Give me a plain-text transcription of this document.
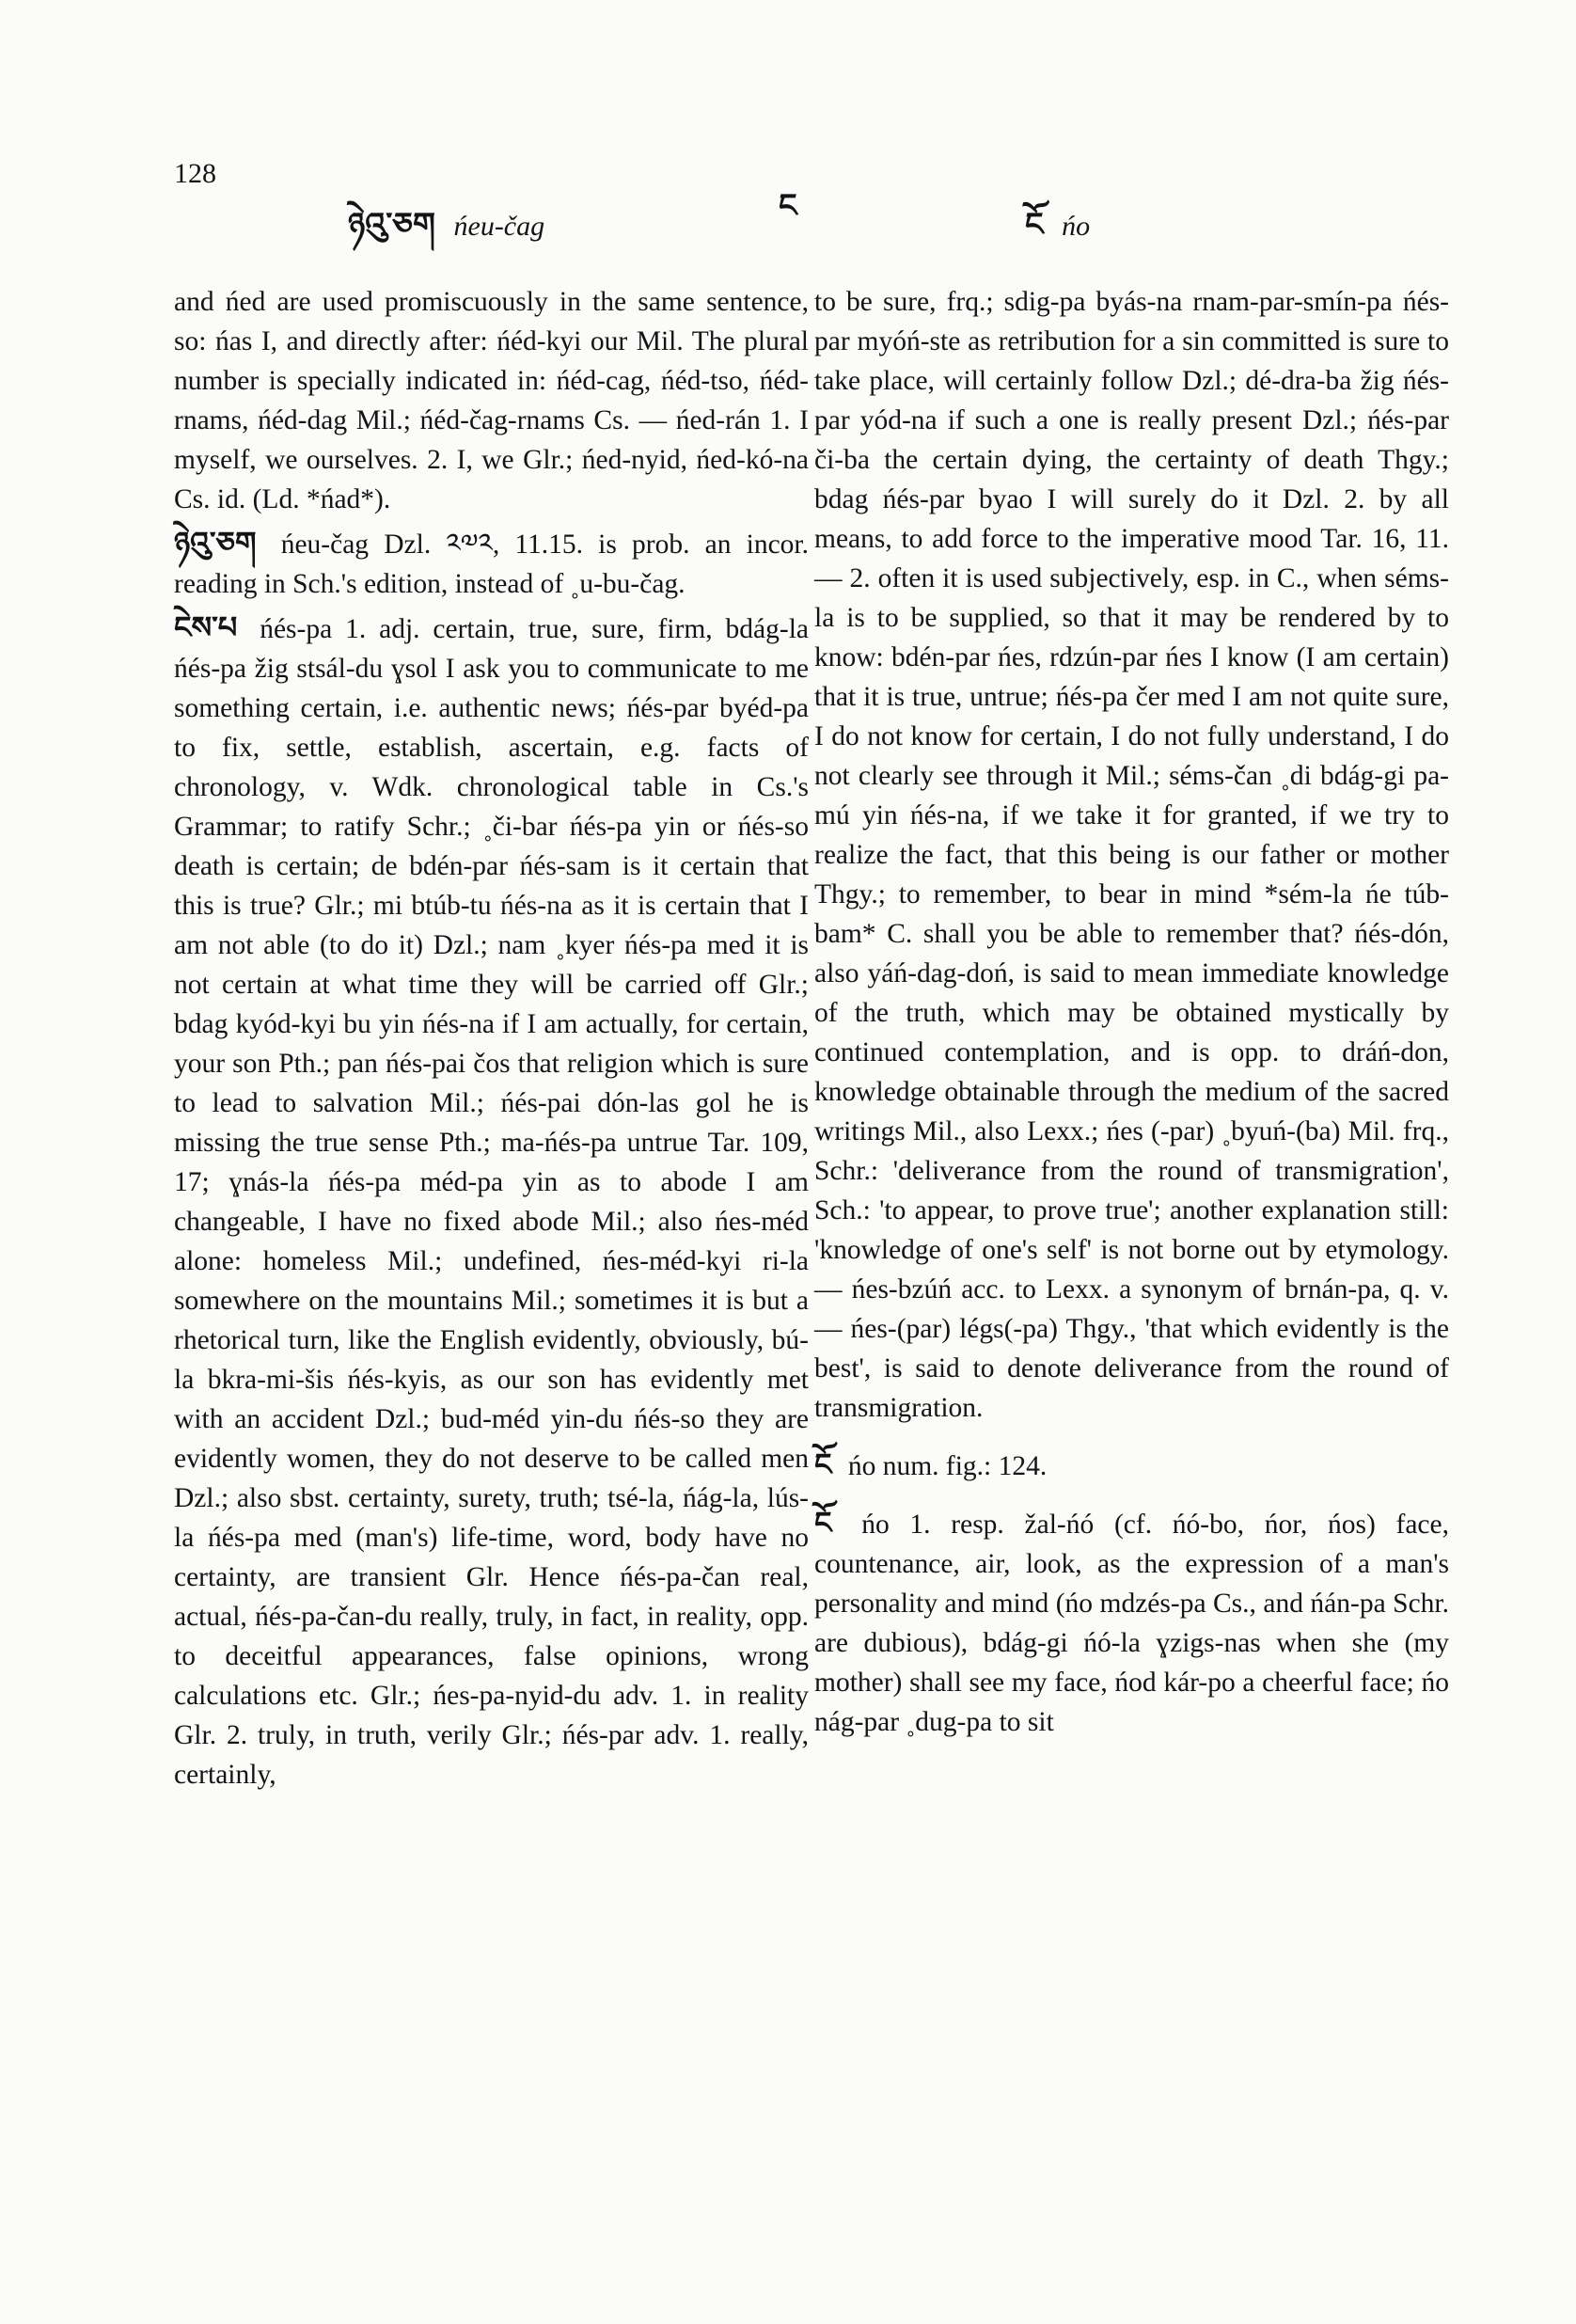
128
ཉེའུ་ཅག ńeu-čag
ང	ངོ ńo

and ńed are used promiscuously in the same sentence, so: ńas I, and directly after: ńéd-kyi our Mil. The plural number is specially indicated in: ńéd-cag, ńéd-tso, ńéd-rnams, ńéd-dag Mil.; ńéd-čag-rnams Cs. — ńed-rán 1. I myself, we ourselves. 2. I, we Glr.; ńed-nyid, ńed-kó-na Cs. id. (Ld. *ńad*).

ཉེའུ་ཅག ńeu-čag Dzl. ༢༧༢, 11.15. is prob. an incor. reading in Sch.'s edition, instead of ˳u-bu-čag.

ངེས་པ ńés-pa 1. adj. certain, true, sure, firm, bdág-la ńés-pa žig stsál-du ɣsol I ask you to communicate to me something certain, i.e. authentic news; ńés-par byéd-pa to fix, settle, establish, ascertain, e.g. facts of chronology, v. Wdk. chronological table in Cs.'s Grammar; to ratify Schr.; ˳či-bar ńés-pa yin or ńés-so death is certain; de bdén-par ńés-sam is it certain that this is true? Glr.; mi btúb-tu ńés-na as it is certain that I am not able (to do it) Dzl.; nam ˳kyer ńés-pa med it is not certain at what time they will be carried off Glr.; bdag kyód-kyi bu yin ńés-na if I am actually, for certain, your son Pth.; pan ńés-pai čos that religion which is sure to lead to salvation Mil.; ńés-pai dón-las gol he is missing the true sense Pth.; ma-ńés-pa untrue Tar. 109, 17; ɣnás-la ńés-pa méd-pa yin as to abode I am changeable, I have no fixed abode Mil.; also ńes-méd alone: homeless Mil.; undefined, ńes-méd-kyi ri-la somewhere on the mountains Mil.; sometimes it is but a rhetorical turn, like the English evidently, obviously, bú-la bkra-mi-šis ńés-kyis, as our son has evidently met with an accident Dzl.; bud-méd yin-du ńés-so they are evidently women, they do not deserve to be called men Dzl.; also sbst. certainty, surety, truth; tsé-la, ńág-la, lús-la ńés-pa med (man's) life-time, word, body have no certainty, are transient Glr. Hence ńés-pa-čan real, actual, ńés-pa-čan-du really, truly, in fact, in reality, opp. to deceitful appearances, false opinions, wrong calculations etc. Glr.; ńes-pa-nyid-du adv. 1. in reality Glr. 2. truly, in truth, verily Glr.; ńés-par adv. 1. really, certainly,

to be sure, frq.; sdig-pa byás-na rnam-par-smín-pa ńés-par myóń-ste as retribution for a sin committed is sure to take place, will certainly follow Dzl.; dé-dra-ba žig ńés-par yód-na if such a one is really present Dzl.; ńés-par či-ba the certain dying, the certainty of death Thgy.; bdag ńés-par byao I will surely do it Dzl. 2. by all means, to add force to the imperative mood Tar. 16, 11. — 2. often it is used subjectively, esp. in C., when séms-la is to be supplied, so that it may be rendered by to know: bdén-par ńes, rdzún-par ńes I know (I am certain) that it is true, untrue; ńés-pa čer med I am not quite sure, I do not know for certain, I do not fully understand, I do not clearly see through it Mil.; séms-čan ˳di bdág-gi pa-mú yin ńés-na, if we take it for granted, if we try to realize the fact, that this being is our father or mother Thgy.; to remember, to bear in mind *sém-la ńe túb-bam* C. shall you be able to remember that? ńés-dón, also yáń-dag-doń, is said to mean immediate knowledge of the truth, which may be obtained mystically by continued contemplation, and is opp. to dráń-don, knowledge obtainable through the medium of the sacred writings Mil., also Lexx.; ńes (-par) ˳byuń-(ba) Mil. frq., Schr.: 'deliverance from the round of transmigration', Sch.: 'to appear, to prove true'; another explanation still: 'knowledge of one's self' is not borne out by etymology. — ńes-bzúń acc. to Lexx. a synonym of brnán-pa, q. v. — ńes-(par) légs(-pa) Thgy., 'that which evidently is the best', is said to denote deliverance from the round of transmigration.

ངོ ńo num. fig.: 124.

ངོ ńo 1. resp. žal-ńó (cf. ńó-bo, ńor, ńos) face, countenance, air, look, as the expression of a man's personality and mind (ńo mdzés-pa Cs., and ńán-pa Schr. are dubious), bdág-gi ńó-la ɣzigs-nas when she (my mother) shall see my face, ńod kár-po a cheerful face; ńo nág-par ˳dug-pa to sit
